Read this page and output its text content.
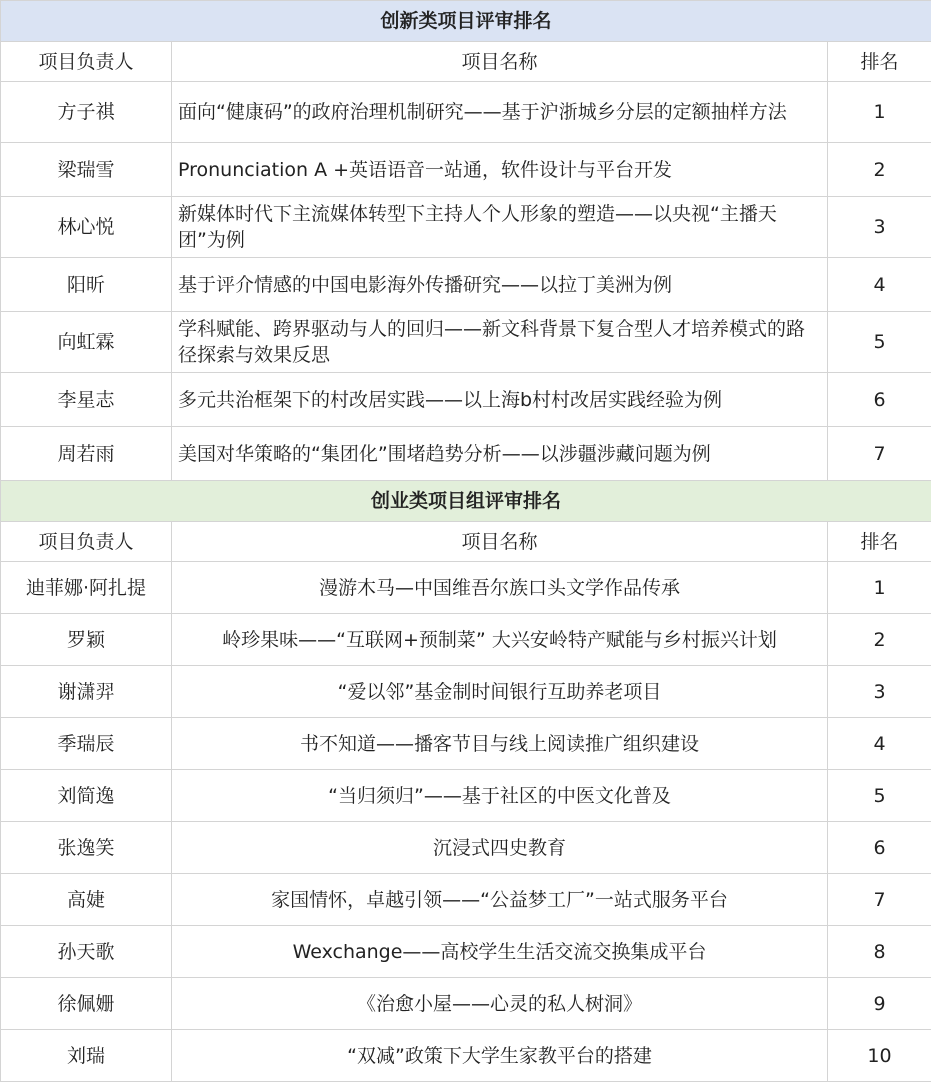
创新类项目评审排名		
项目负责人	项目名称	排名
方子祺	面向“健康码”的政府治理机制研究——基于沪浙城乡分层的定额抽样方法	1
梁瑞雪	Pronunciation A +英语语音一站通，软件设计与平台开发	2
林心悦	新媒体时代下主流媒体转型下主持人个人形象的塑造——以央视“主播天团”为例	3
阳昕	基于评介情感的中国电影海外传播研究——以拉丁美洲为例	4
向虹霖	学科赋能、跨界驱动与人的回归——新文科背景下复合型人才培养模式的路径探索与效果反思	5
李星志	多元共治框架下的村改居实践——以上海b村村改居实践经验为例	6
周若雨	美国对华策略的“集团化”围堵趋势分析——以涉疆涉藏问题为例	7
创业类项目组评审排名		
项目负责人	项目名称	排名
迪菲娜·阿扎提	漫游木马—中国维吾尔族口头文学作品传承	1
罗颖	岭珍果味——“互联网+预制菜” 大兴安岭特产赋能与乡村振兴计划	2
谢潇羿	“爱以邻”基金制时间银行互助养老项目	3
季瑞辰	书不知道——播客节目与线上阅读推广组织建设	4
刘简逸	“当归须归”——基于社区的中医文化普及	5
张逸笑	沉浸式四史教育	6
高婕	家国情怀，卓越引领——“公益梦工厂”一站式服务平台	7
孙天歌	Wexchange——高校学生生活交流交换集成平台	8
徐佩姗	《治愈小屋——心灵的私人树洞》	9
刘瑞	“双减”政策下大学生家教平台的搭建	10
